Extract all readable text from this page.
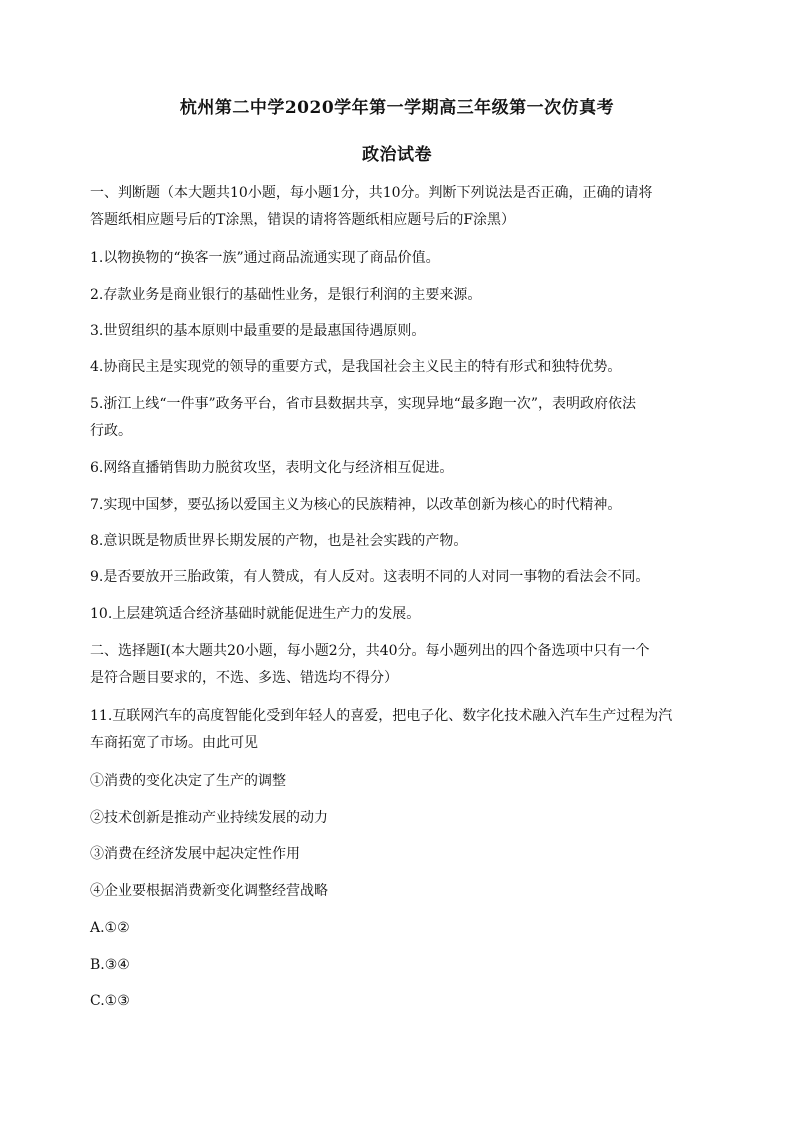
杭州第二中学2020学年第一学期高三年级第一次仿真考
政治试卷
一、判断题（本大题共10小题，每小题1分，共10分。判断下列说法是否正确，正确的请将
答题纸相应题号后的T涂黑，错误的请将答题纸相应题号后的F涂黑）
1.以物换物的“换客一族”通过商品流通实现了商品价值。
2.存款业务是商业银行的基础性业务，是银行利润的主要来源。
3.世贸组织的基本原则中最重要的是最惠国待遇原则。
4.协商民主是实现党的领导的重要方式，是我国社会主义民主的特有形式和独特优势。
5.浙江上线“一件事”政务平台，省市县数据共享，实现异地“最多跑一次”，表明政府依法
行政。
6.网络直播销售助力脱贫攻坚，表明文化与经济相互促进。
7.实现中国梦，要弘扬以爱国主义为核心的民族精神，以改革创新为核心的时代精神。
8.意识既是物质世界长期发展的产物，也是社会实践的产物。
9.是否要放开三胎政策，有人赞成，有人反对。这表明不同的人对同一事物的看法会不同。
10.上层建筑适合经济基础时就能促进生产力的发展。
二、选择题Ⅰ(本大题共20小题，每小题2分，共40分。每小题列出的四个备选项中只有一个
是符合题目要求的，不选、多选、错选均不得分）
11.互联网汽车的高度智能化受到年轻人的喜爱，把电子化、数字化技术融入汽车生产过程为汽
车商拓宽了市场。由此可见
①消费的变化决定了生产的调整
②技术创新是推动产业持续发展的动力
③消费在经济发展中起决定性作用
④企业要根据消费新变化调整经营战略
A.①②
B.③④
C.①③
